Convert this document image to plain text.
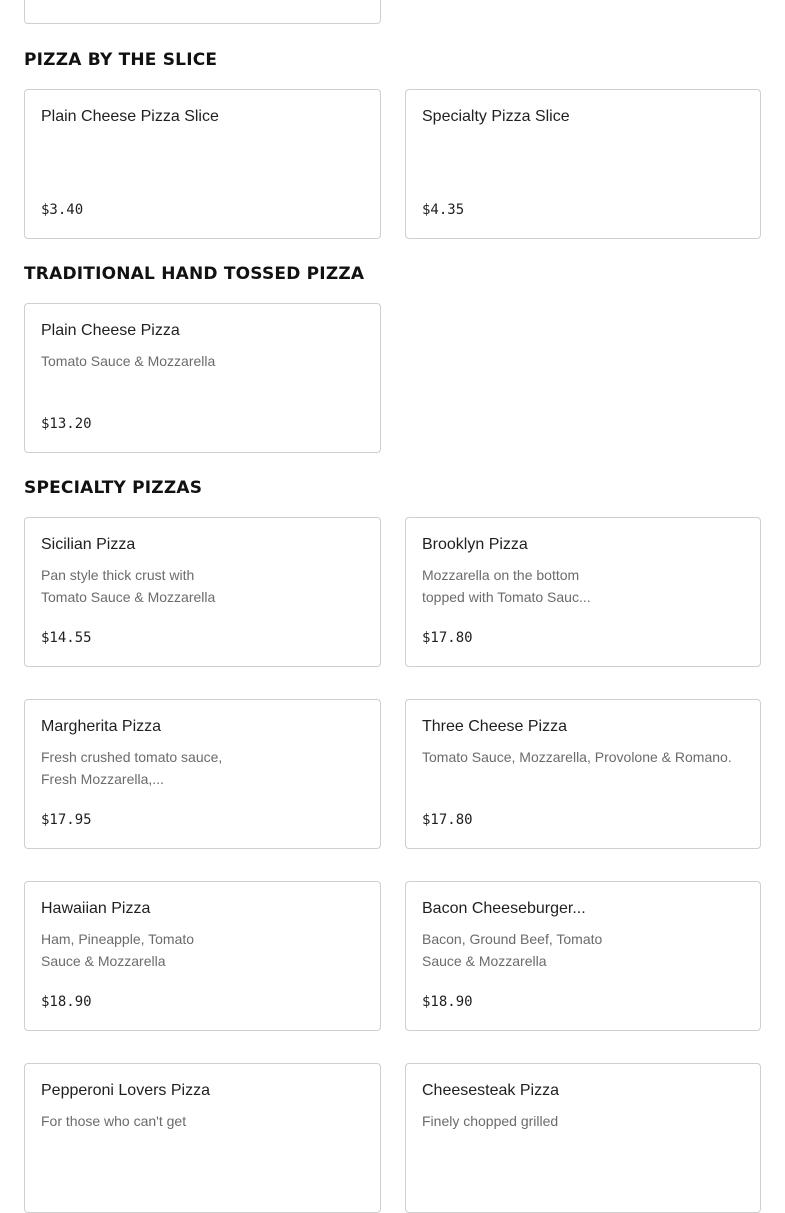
PIZZA BY THE SLICE
Plain Cheese Pizza Slice
$3.40
Specialty Pizza Slice
$4.35
TRADITIONAL HAND TOSSED PIZZA
Plain Cheese Pizza
Tomato Sauce & Mozzarella
$13.20
SPECIALTY PIZZAS
Sicilian Pizza
Pan style thick crust with Tomato Sauce & Mozzarella
$14.55
Brooklyn Pizza
Mozzarella on the bottom topped with Tomato Sauc...
$17.80
Margherita Pizza
Fresh crushed tomato sauce, Fresh Mozzarella,...
$17.95
Three Cheese Pizza
Tomato Sauce, Mozzarella, Provolone & Romano.
$17.80
Hawaiian Pizza
Ham, Pineapple, Tomato Sauce & Mozzarella
$18.90
Bacon Cheeseburger...
Bacon, Ground Beef, Tomato Sauce & Mozzarella
$18.90
Pepperoni Lovers Pizza
For those who can't get
Cheesesteak Pizza
Finely chopped grilled
